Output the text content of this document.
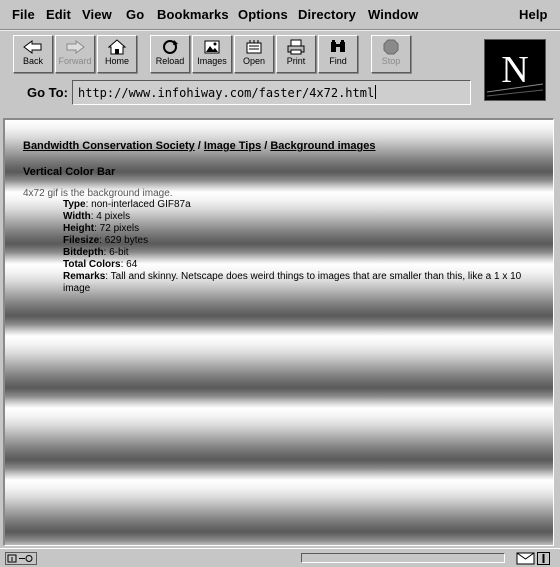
File Edit View Go Bookmarks Options Directory Window	Help
Back	Forward	Home	Reload	Images	Open	Print	Find	Stop	N
Go To: http://www.infohiway.com/faster/4x72.html
Bandwidth Conservation Society / Image Tips / Background images
Vertical Color Bar
4x72 gif is the background image.
Type: non-interlaced GIF87a
Width: 4 pixels
Height: 72 pixels
Filesize: 629 bytes
Bitdepth: 6-bit
Total Colors: 64
Remarks: Tall and skinny. Netscape does weird things to images that are smaller than this, like a 1 x 10 image
